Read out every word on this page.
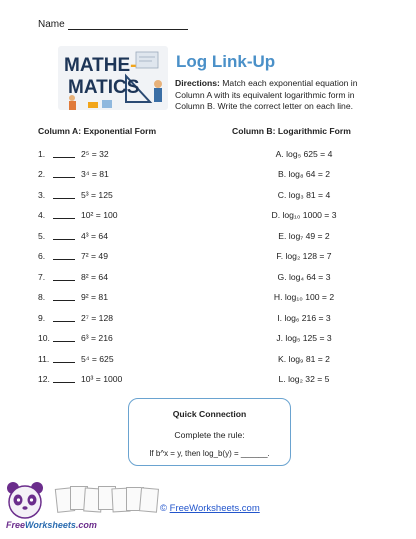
Name
MATHE-
MATICS
Log Link-Up
Directions: Match each exponential equation in Column A with its equivalent logarithmic form in Column B. Write the correct letter on each line.
Column A: Exponential Form	Column B: Logarithmic Form
1.	2⁵ = 32
2.	3⁴ = 81
3.	5³ = 125
4.	10² = 100
5.	4³ = 64
6.	7² = 49
7.	8² = 64
8.	9² = 81
9.	2⁷ = 128
10.	6³ = 216
11.	5⁴ = 625
12.	10³ = 1000
A. log₅ 625 = 4
B. log₈ 64 = 2
C. log₃ 81 = 4
D. log₁₀ 1000 = 3
E. log₇ 49 = 2
F. log₂ 128 = 7
G. log₄ 64 = 3
H. log₁₀ 100 = 2
I. log₆ 216 = 3
J. log₅ 125 = 3
K. log₉ 81 = 2
L. log₂ 32 = 5
Quick Connection
Complete the rule:
If b^x = y, then log_b(y) = ______.
FreeWorksheets.com
© FreeWorksheets.com
